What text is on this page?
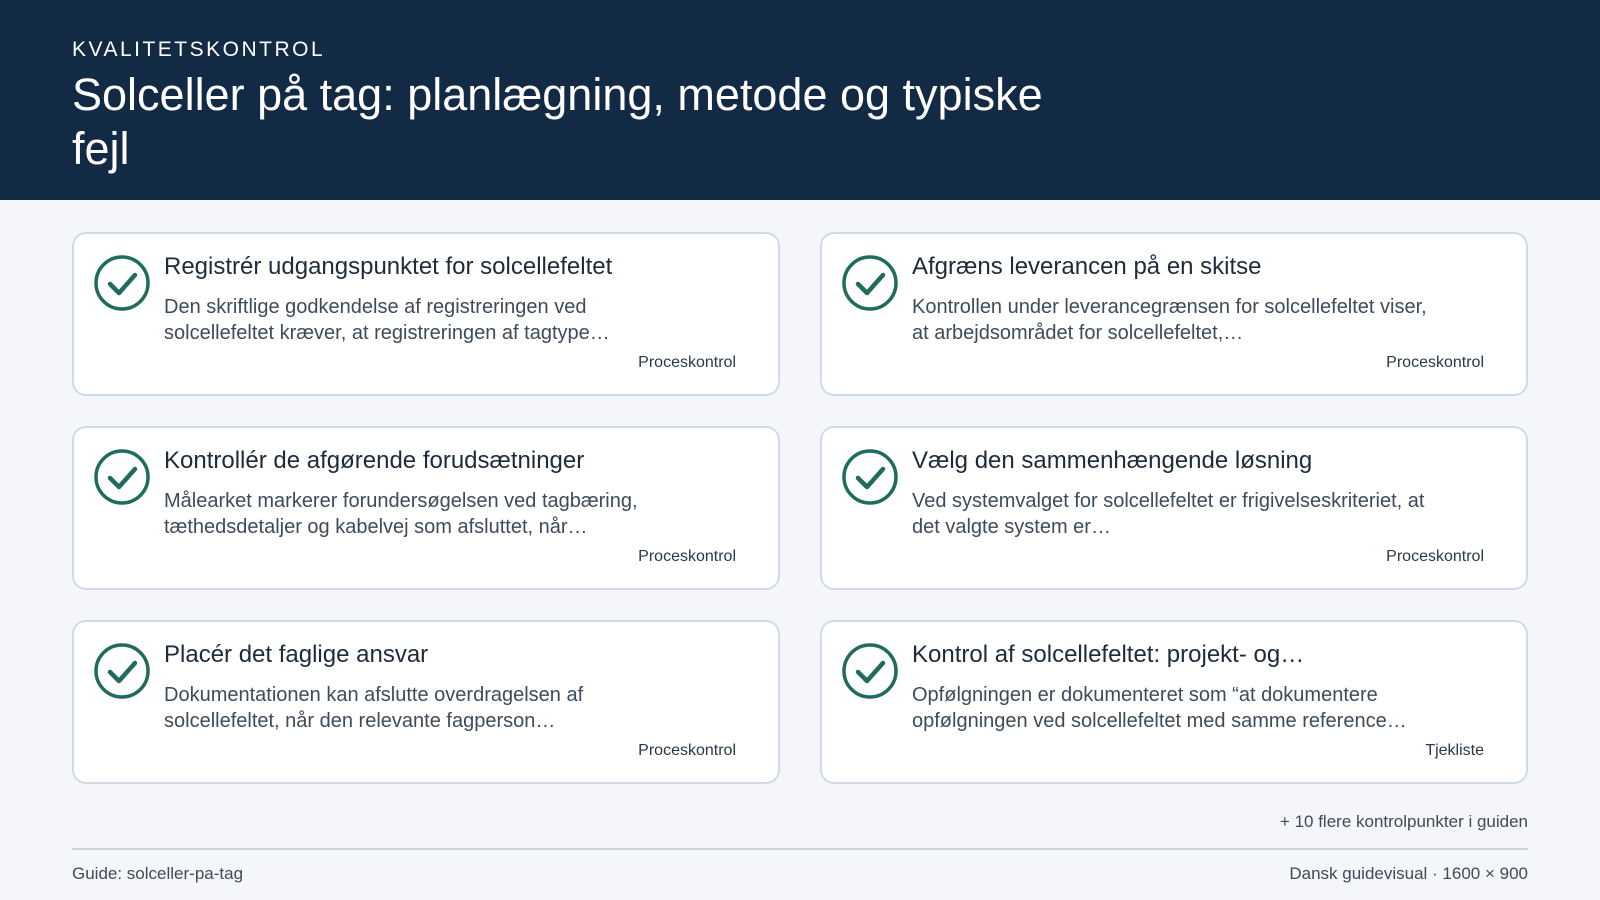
KVALITETSKONTROL
Solceller på tag: planlægning, metode og typiske fejl
Registrér udgangspunktet for solcellefeltet
Den skriftlige godkendelse af registreringen ved solcellefeltet kræver, at registreringen af tagtype…
Proceskontrol
Afgræns leverancen på en skitse
Kontrollen under leverancegrænsen for solcellefeltet viser, at arbejdsområdet for solcellefeltet,…
Proceskontrol
Kontrollér de afgørende forudsætninger
Målearket markerer forundersøgelsen ved tagbæring, tæthedsdetaljer og kabelvej som afsluttet, når…
Proceskontrol
Vælg den sammenhængende løsning
Ved systemvalget for solcellefeltet er frigivelseskriteriet, at det valgte system er…
Proceskontrol
Placér det faglige ansvar
Dokumentationen kan afslutte overdragelsen af solcellefeltet, når den relevante fagperson…
Proceskontrol
Kontrol af solcellefeltet: projekt- og…
Opfølgningen er dokumenteret som “at dokumentere opfølgningen ved solcellefeltet med samme reference…
Tjekliste
+ 10 flere kontrolpunkter i guiden
Guide: solceller-pa-tag	Dansk guidevisual · 1600 × 900
